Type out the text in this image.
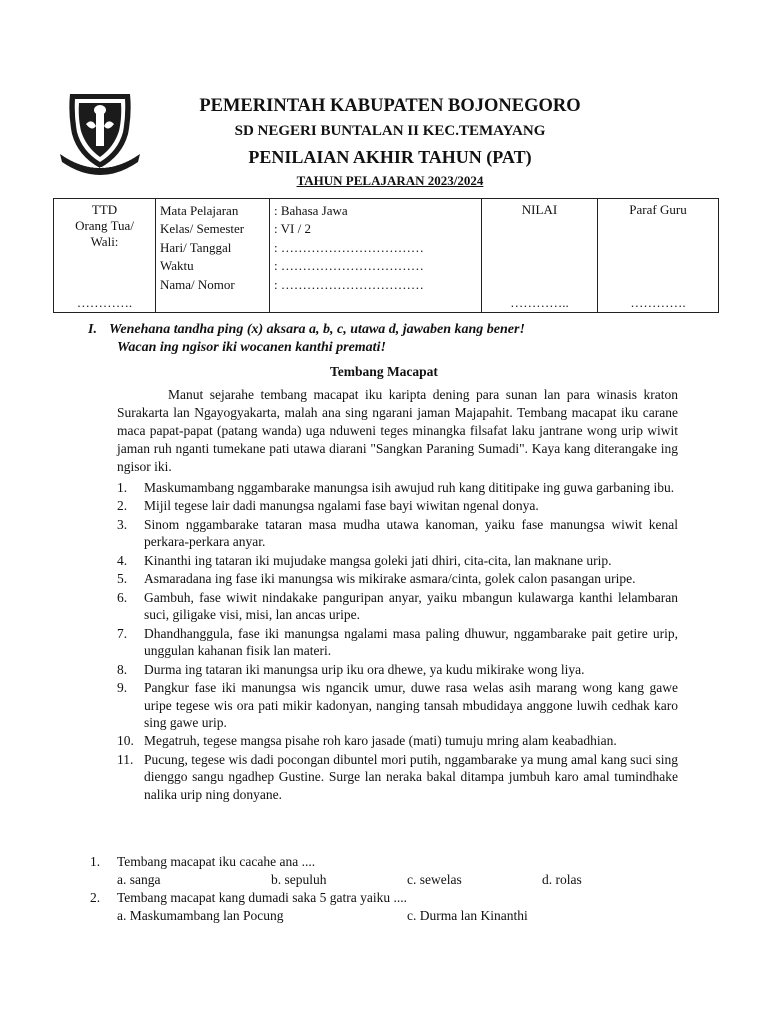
PEMERINTAH KABUPATEN BOJONEGORO
SD NEGERI BUNTALAN II KEC.TEMAYANG
PENILAIAN AKHIR TAHUN (PAT)
TAHUN PELAJARAN 2023/2024
TTD
Orang Tua/
Wali:
………….

Mata Pelajaran
Kelas/ Semester
Hari/ Tanggal
Waktu
Nama/ Nomor

: Bahasa Jawa
: VI / 2
: ……………………………
: ……………………………
: ……………………………

NILAI
…………..

Paraf Guru
………….
I. Wenehana tandha ping (x) aksara a, b, c, utawa d, jawaben kang bener!
Wacan ing ngisor iki wocanen kanthi premati!
Tembang Macapat
Manut sejarahe tembang macapat iku karipta dening para sunan lan para winasis kraton Surakarta lan Ngayogyakarta, malah ana sing ngarani jaman Majapahit. Tembang macapat iku carane maca papat-papat (patang wanda) uga nduweni teges minangka filsafat laku jantrane wong urip wiwit jaman ruh nganti tumekane pati utawa diarani "Sangkan Paraning Sumadi". Kaya kang diterangake ing ngisor iki.
1. Maskumambang nggambarake manungsa isih awujud ruh kang dititipake ing guwa garbaning ibu.
2. Mijil tegese lair dadi manungsa ngalami fase bayi wiwitan ngenal donya.
3. Sinom nggambarake tataran masa mudha utawa kanoman, yaiku fase manungsa wiwit kenal perkara-perkara anyar.
4. Kinanthi ing tataran iki mujudake mangsa goleki jati dhiri, cita-cita, lan maknane urip.
5. Asmaradana ing fase iki manungsa wis mikirake asmara/cinta, golek calon pasangan uripe.
6. Gambuh, fase wiwit nindakake panguripan anyar, yaiku mbangun kulawarga kanthi lelambaran suci, giligake visi, misi, lan ancas uripe.
7. Dhandhanggula, fase iki manungsa ngalami masa paling dhuwur, nggambarake pait getire urip, unggulan kahanan fisik lan materi.
8. Durma ing tataran iki manungsa urip iku ora dhewe, ya kudu mikirake wong liya.
9. Pangkur fase iki manungsa wis ngancik umur, duwe rasa welas asih marang wong kang gawe uripe tegese wis ora pati mikir kadonyan, nanging tansah mbudidaya anggone luwih cedhak karo sing gawe urip.
10. Megatruh, tegese mangsa pisahe roh karo jasade (mati) tumuju mring alam keabadhian.
11. Pucung, tegese wis dadi pocongan dibuntel mori putih, nggambarake ya mung amal kang suci sing dienggo sangu ngadhep Gustine. Surge lan neraka bakal ditampa jumbuh karo amal tumindhake nalika urip ning donyane.
1. Tembang macapat iku cacahe ana ....
a. sanga	b. sepuluh	c. sewelas	d. rolas
2. Tembang macapat kang dumadi saka 5 gatra yaiku ....
a. Maskumambang lan Pocung	c. Durma lan Kinanthi
